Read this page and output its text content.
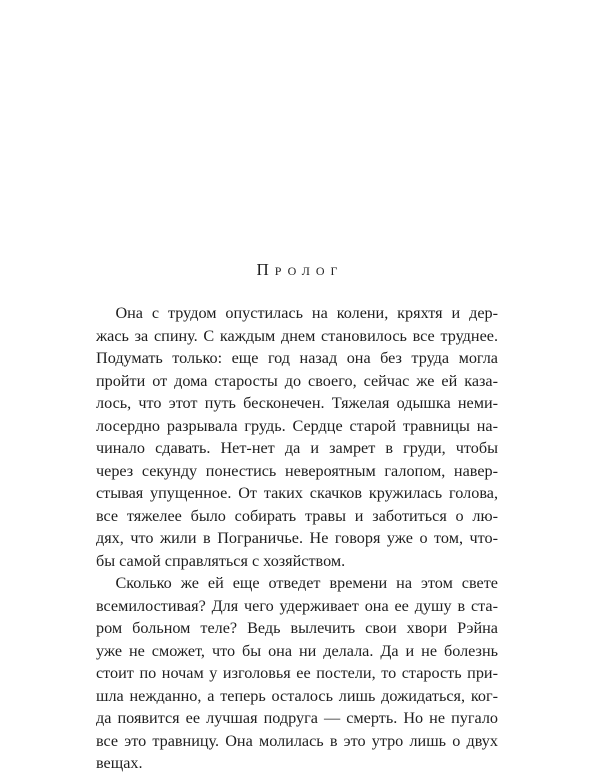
Пролог

Она с трудом опустилась на колени, кряхтя и дер-
жась за спину. С каждым днем становилось все труднее.
Подумать только: еще год назад она без труда могла
пройти от дома старосты до своего, сейчас же ей каза-
лось, что этот путь бесконечен. Тяжелая одышка неми-
лосердно разрывала грудь. Сердце старой травницы на-
чинало сдавать. Нет-нет да и замрет в груди, чтобы
через секунду понестись невероятным галопом, навер-
стывая упущенное. От таких скачков кружилась голова,
все тяжелее было собирать травы и заботиться о лю-
дях, что жили в Пограничье. Не говоря уже о том, что-
бы самой справляться с хозяйством.

Сколько же ей еще отведет времени на этом свете
всемилостивая? Для чего удерживает она ее душу в ста-
ром больном теле? Ведь вылечить свои хвори Рэйна
уже не сможет, что бы она ни делала. Да и не болезнь
стоит по ночам у изголовья ее постели, то старость при-
шла нежданно, а теперь осталось лишь дожидаться, ког-
да появится ее лучшая подруга — смерть. Но не пугало
все это травницу. Она молилась в это утро лишь о двух
вещах.
